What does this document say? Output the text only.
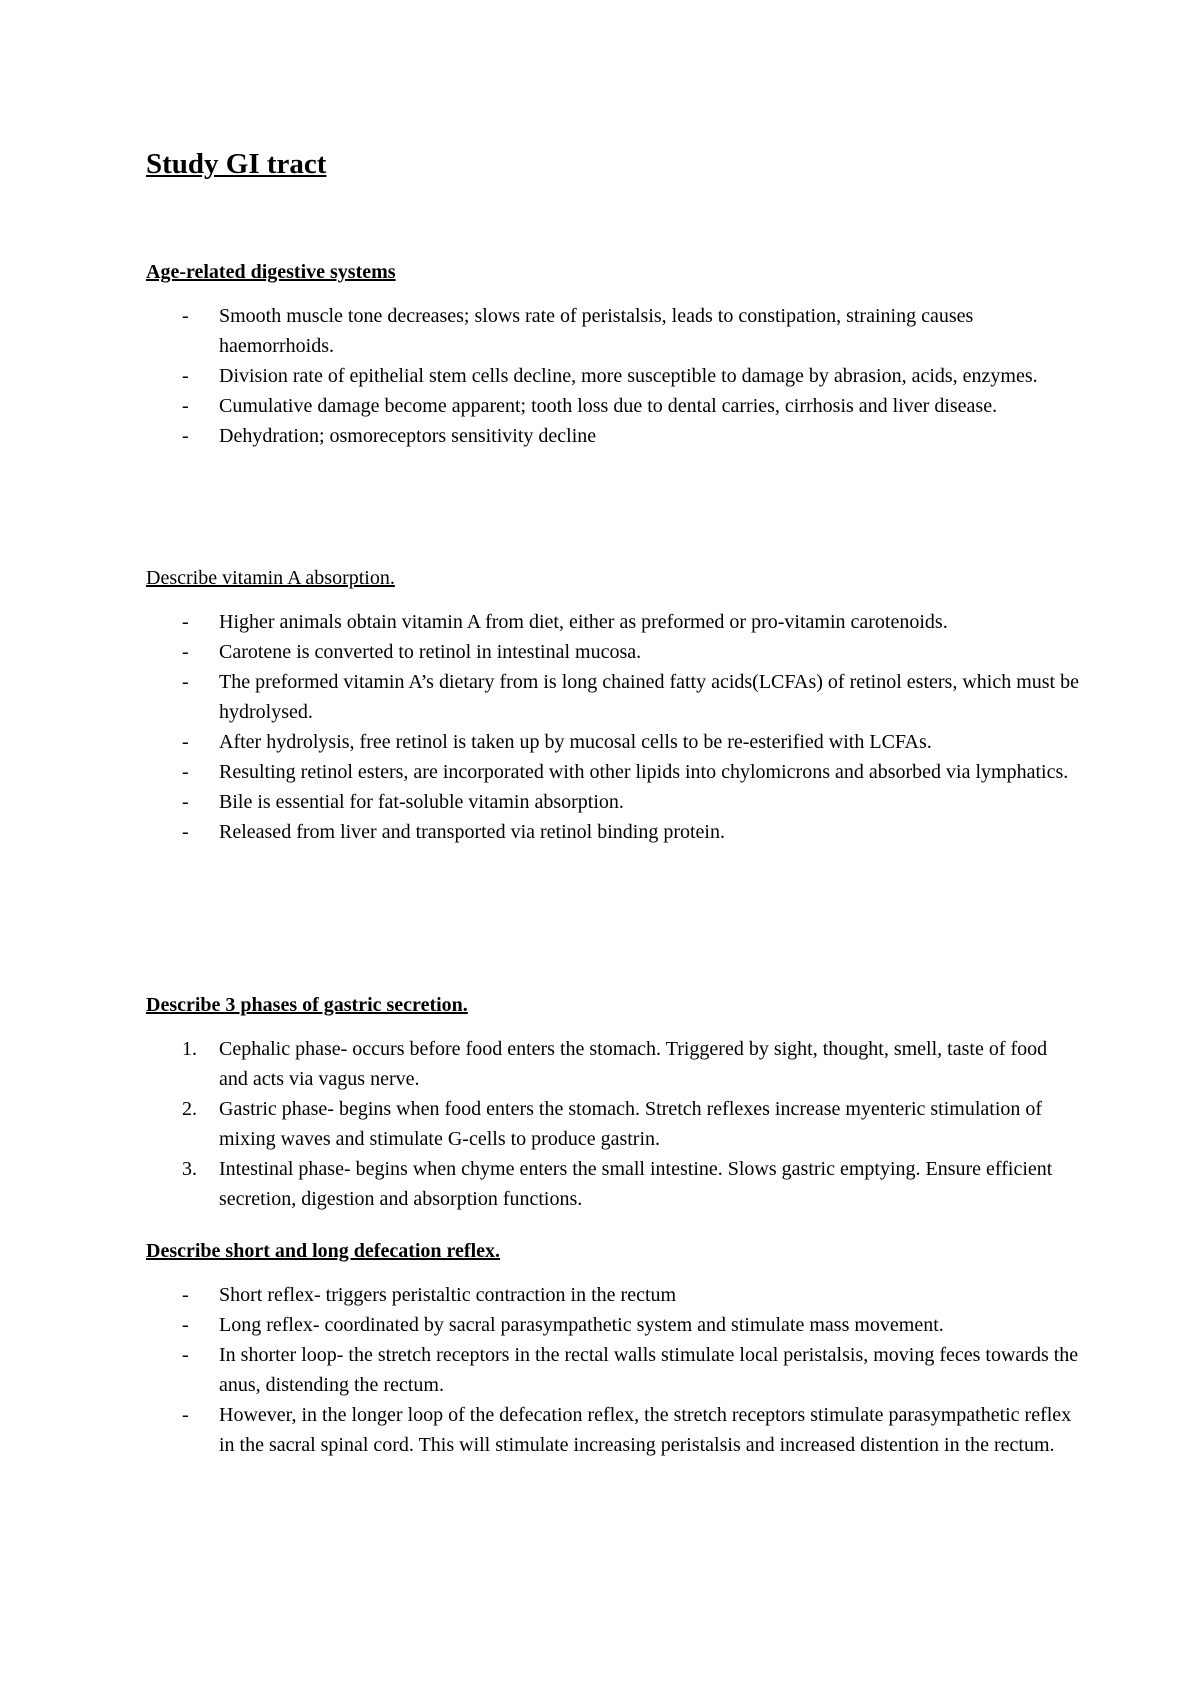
Study GI tract
Age-related digestive systems
- Smooth muscle tone decreases; slows rate of peristalsis, leads to constipation, straining causes haemorrhoids.
- Division rate of epithelial stem cells decline, more susceptible to damage by abrasion, acids, enzymes.
- Cumulative damage become apparent; tooth loss due to dental carries, cirrhosis and liver disease.
- Dehydration; osmoreceptors sensitivity decline
Describe vitamin A absorption.
- Higher animals obtain vitamin A from diet, either as preformed or pro-vitamin carotenoids.
- Carotene is converted to retinol in intestinal mucosa.
- The preformed vitamin A’s dietary from is long chained fatty acids(LCFAs) of retinol esters, which must be hydrolysed.
- After hydrolysis, free retinol is taken up by mucosal cells to be re-esterified with LCFAs.
- Resulting retinol esters, are incorporated with other lipids into chylomicrons and absorbed via lymphatics.
- Bile is essential for fat-soluble vitamin absorption.
- Released from liver and transported via retinol binding protein.
Describe 3 phases of gastric secretion.
1. Cephalic phase- occurs before food enters the stomach. Triggered by sight, thought, smell, taste of food and acts via vagus nerve.
2. Gastric phase- begins when food enters the stomach. Stretch reflexes increase myenteric stimulation of mixing waves and stimulate G-cells to produce gastrin.
3. Intestinal phase- begins when chyme enters the small intestine. Slows gastric emptying. Ensure efficient secretion, digestion and absorption functions.
Describe short and long defecation reflex.
- Short reflex- triggers peristaltic contraction in the rectum
- Long reflex- coordinated by sacral parasympathetic system and stimulate mass movement.
- In shorter loop- the stretch receptors in the rectal walls stimulate local peristalsis, moving feces towards the anus, distending the rectum.
- However, in the longer loop of the defecation reflex, the stretch receptors stimulate parasympathetic reflex in the sacral spinal cord. This will stimulate increasing peristalsis and increased distention in the rectum.
